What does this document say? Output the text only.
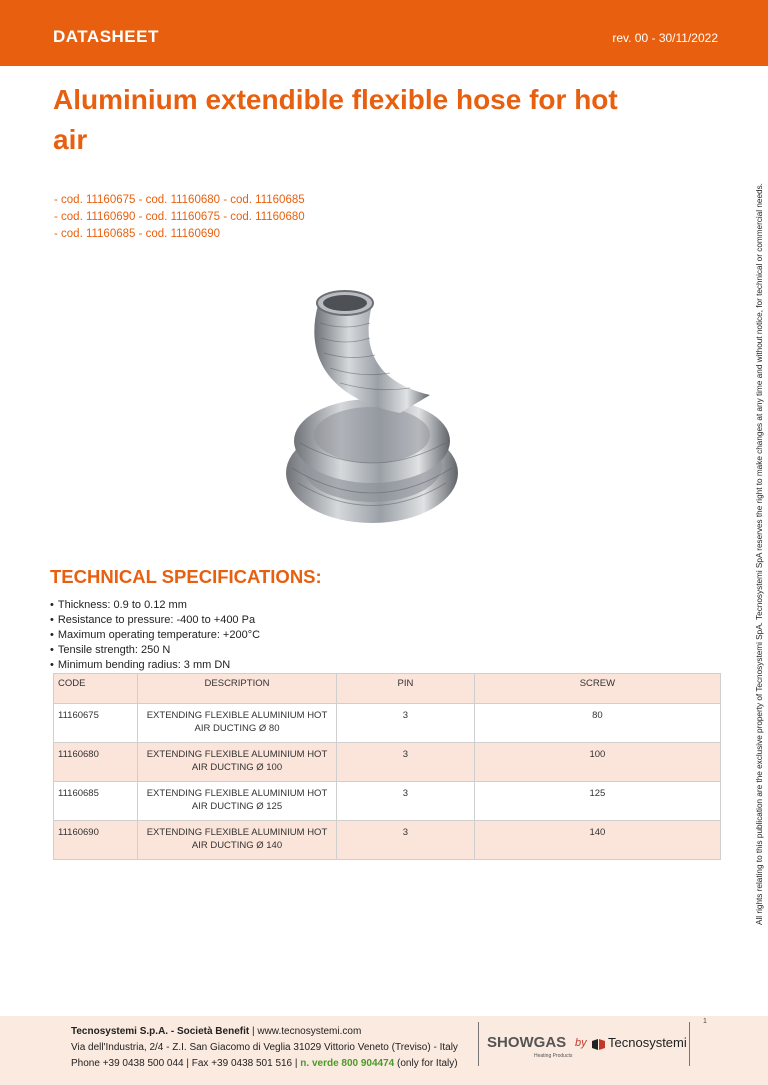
DATASHEET	rev. 00 - 30/11/2022
Aluminium extendible flexible hose for hot air
- cod. 11160675 - cod. 11160680 - cod. 11160685
- cod. 11160690 - cod. 11160675 - cod. 11160680
- cod. 11160685 - cod. 11160690
TECHNICAL SPECIFICATIONS:
• Thickness: 0.9 to 0.12 mm
• Resistance to pressure: -400 to +400 Pa
• Maximum operating temperature: +200°C
• Tensile strength: 250 N
• Minimum bending radius: 3 mm DN
CODE	DESCRIPTION	PIN	SCREW
11160675	EXTENDING FLEXIBLE ALUMINIUM HOT AIR DUCTING Ø 80	3	80
11160680	EXTENDING FLEXIBLE ALUMINIUM HOT AIR DUCTING Ø 100	3	100
11160685	EXTENDING FLEXIBLE ALUMINIUM HOT AIR DUCTING Ø 125	3	125
11160690	EXTENDING FLEXIBLE ALUMINIUM HOT AIR DUCTING Ø 140	3	140	All rights relating to this publication are the exclusive property of Tecnosystemi SpA. Tecnosystemi SpA reserves the right to make changes at any time and without notice, for technical or commercial needs.
Tecnosystemi S.p.A. - Società Benefit | www.tecnosystemi.com
Via dell'Industria, 2/4 - Z.I. San Giacomo di Veglia 31029 Vittorio Veneto (Treviso) - Italy
Phone +39 0438 500 044 | Fax +39 0438 501 516 | n. verde 800 904474 (only for Italy)
1
SHOWGAS
Heating Products
by Tecnosystemi
